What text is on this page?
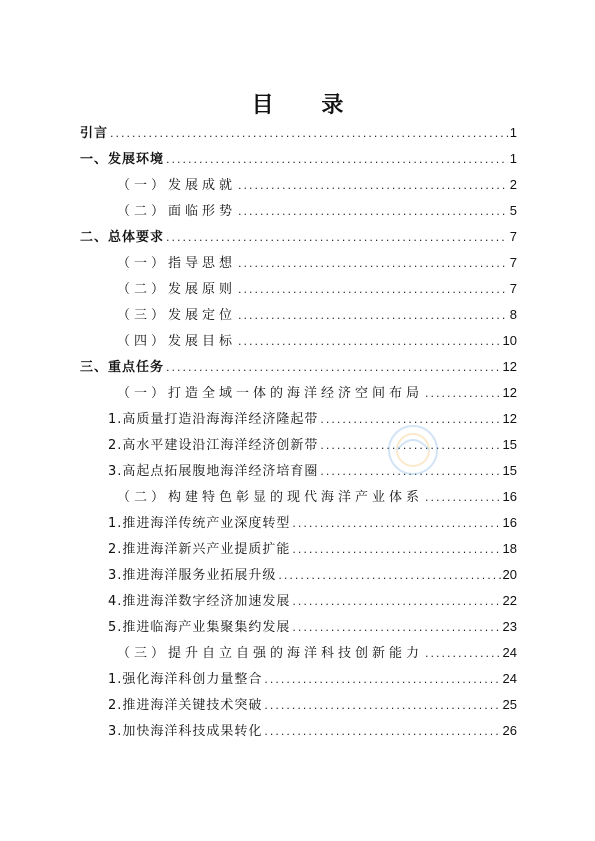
目 录
引言 .....	1
一、发展环境 .....	1
（一）发展成就 .....	2
（二）面临形势 .....	5
二、总体要求 .....	7
（一）指导思想 .....	7
（二）发展原则 .....	7
（三）发展定位 .....	8
（四）发展目标 .....	10
三、重点任务 .....	12
（一）打造全域一体的海洋经济空间布局 .....	12
1.高质量打造沿海海洋经济隆起带 .....	12
2.高水平建设沿江海洋经济创新带 .....	15
3.高起点拓展腹地海洋经济培育圈 .....	15
（二）构建特色彰显的现代海洋产业体系 .....	16
1.推进海洋传统产业深度转型 .....	16
2.推进海洋新兴产业提质扩能 .....	18
3.推进海洋服务业拓展升级 .....	20
4.推进海洋数字经济加速发展 .....	22
5.推进临海产业集聚集约发展 .....	23
（三）提升自立自强的海洋科技创新能力 .....	24
1.强化海洋科创力量整合 .....	24
2.推进海洋关键技术突破 .....	25
3.加快海洋科技成果转化 .....	26
